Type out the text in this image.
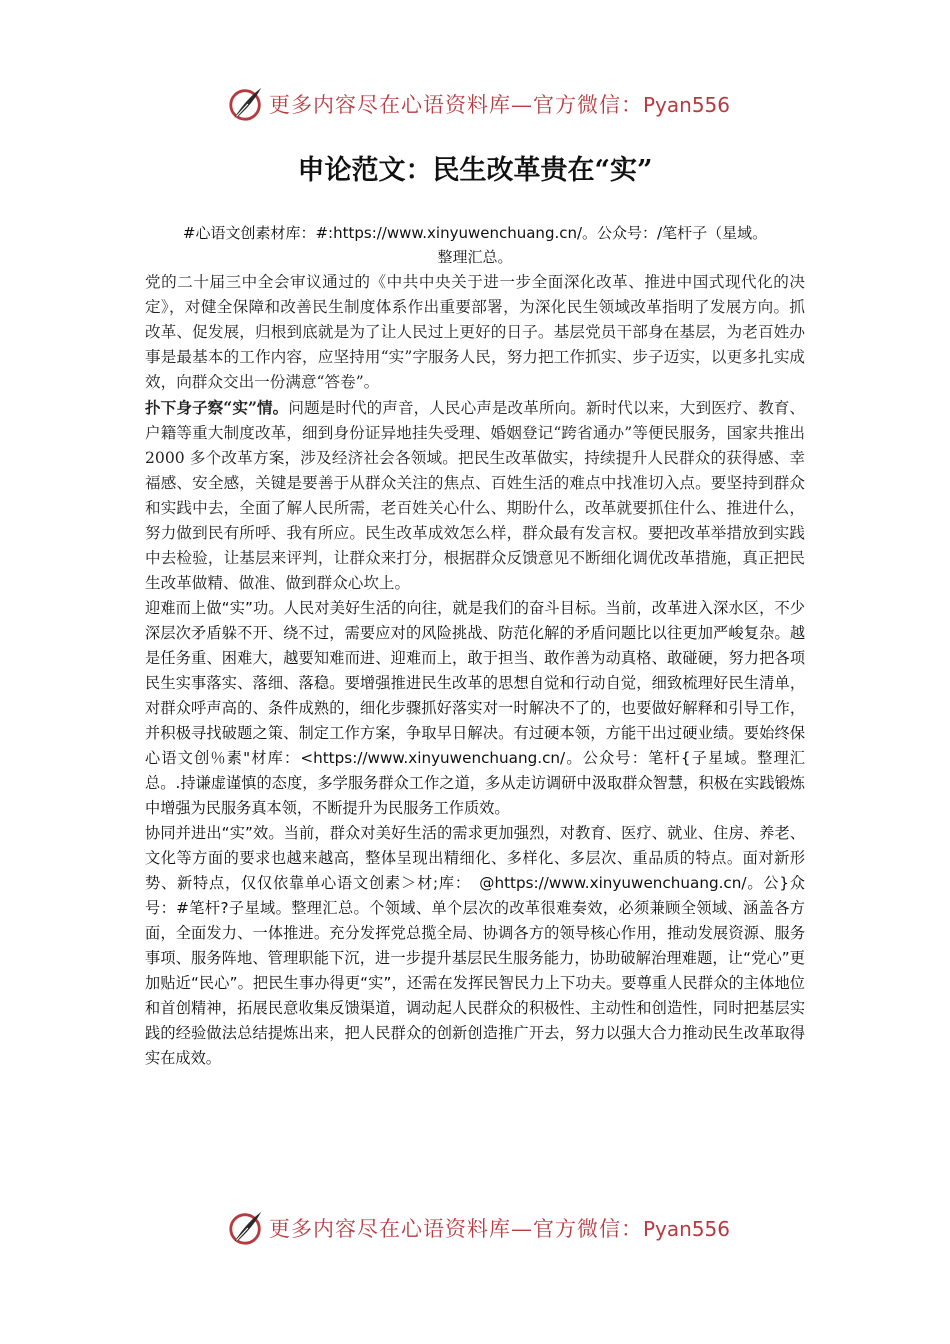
更多内容尽在心语资料库—官方微信：Pyan556
申论范文：民生改革贵在“实”
#心语文创素材库：#:https://www.xinyuwenchuang.cn/。公众号：/笔杆子（星域。
整理汇总。

党的二十届三中全会审议通过的《中共中央关于进一步全面深化改革、推进中国式现代化的决定》，对健全保障和改善民生制度体系作出重要部署，为深化民生领域改革指明了发展方向。抓改革、促发展，归根到底就是为了让人民过上更好的日子。基层党员干部身在基层，为老百姓办事是最基本的工作内容，应坚持用“实”字服务人民，努力把工作抓实、步子迈实，以更多扎实成效，向群众交出一份满意“答卷”。

扑下身子察“实”情。问题是时代的声音，人民心声是改革所向。新时代以来，大到医疗、教育、户籍等重大制度改革，细到身份证异地挂失受理、婚姻登记“跨省通办”等便民服务，国家共推出 2000 多个改革方案，涉及经济社会各领域。把民生改革做实，持续提升人民群众的获得感、幸福感、安全感，关键是要善于从群众关注的焦点、百姓生活的难点中找准切入点。要坚持到群众和实践中去，全面了解人民所需，老百姓关心什么、期盼什么，改革就要抓住什么、推进什么，努力做到民有所呼、我有所应。民生改革成效怎么样，群众最有发言权。要把改革举措放到实践中去检验，让基层来评判，让群众来打分，根据群众反馈意见不断细化调优改革措施，真正把民生改革做精、做准、做到群众心坎上。

迎难而上做“实”功。人民对美好生活的向往，就是我们的奋斗目标。当前，改革进入深水区，不少深层次矛盾躲不开、绕不过，需要应对的风险挑战、防范化解的矛盾问题比以往更加严峻复杂。越是任务重、困难大，越要知难而进、迎难而上，敢于担当、敢作善为动真格、敢碰硬，努力把各项民生实事落实、落细、落稳。要增强推进民生改革的思想自觉和行动自觉，细致梳理好民生清单，对群众呼声高的、条件成熟的，细化步骤抓好落实对一时解决不了的，也要做好解释和引导工作，并积极寻找破题之策、制定工作方案，争取早日解决。有过硬本领，方能干出过硬业绩。要始终保心语文创％素"材库：<https://www.xinyuwenchuang.cn/。公众号：笔杆{子星域。整理汇总。.持谦虚谨慎的态度，多学服务群众工作之道，多从走访调研中汲取群众智慧，积极在实践锻炼中增强为民服务真本领，不断提升为民服务工作质效。

协同并进出“实”效。当前，群众对美好生活的需求更加强烈，对教育、医疗、就业、住房、养老、文化等方面的要求也越来越高，整体呈现出精细化、多样化、多层次、重品质的特点。面对新形势、新特点，仅仅依靠单心语文创素＞材;库：　@https://www.xinyuwenchuang.cn/。公}众号：#笔杆?子星域。整理汇总。个领域、单个层次的改革很难奏效，必须兼顾全领域、涵盖各方面，全面发力、一体推进。充分发挥党总揽全局、协调各方的领导核心作用，推动发展资源、服务事项、服务阵地、管理职能下沉，进一步提升基层民生服务能力，协助破解治理难题，让“党心”更加贴近“民心”。把民生事办得更“实”，还需在发挥民智民力上下功夫。要尊重人民群众的主体地位和首创精神，拓展民意收集反馈渠道，调动起人民群众的积极性、主动性和创造性，同时把基层实践的经验做法总结提炼出来，把人民群众的创新创造推广开去，努力以强大合力推动民生改革取得实在成效。

更多内容尽在心语资料库—官方微信：Pyan556
